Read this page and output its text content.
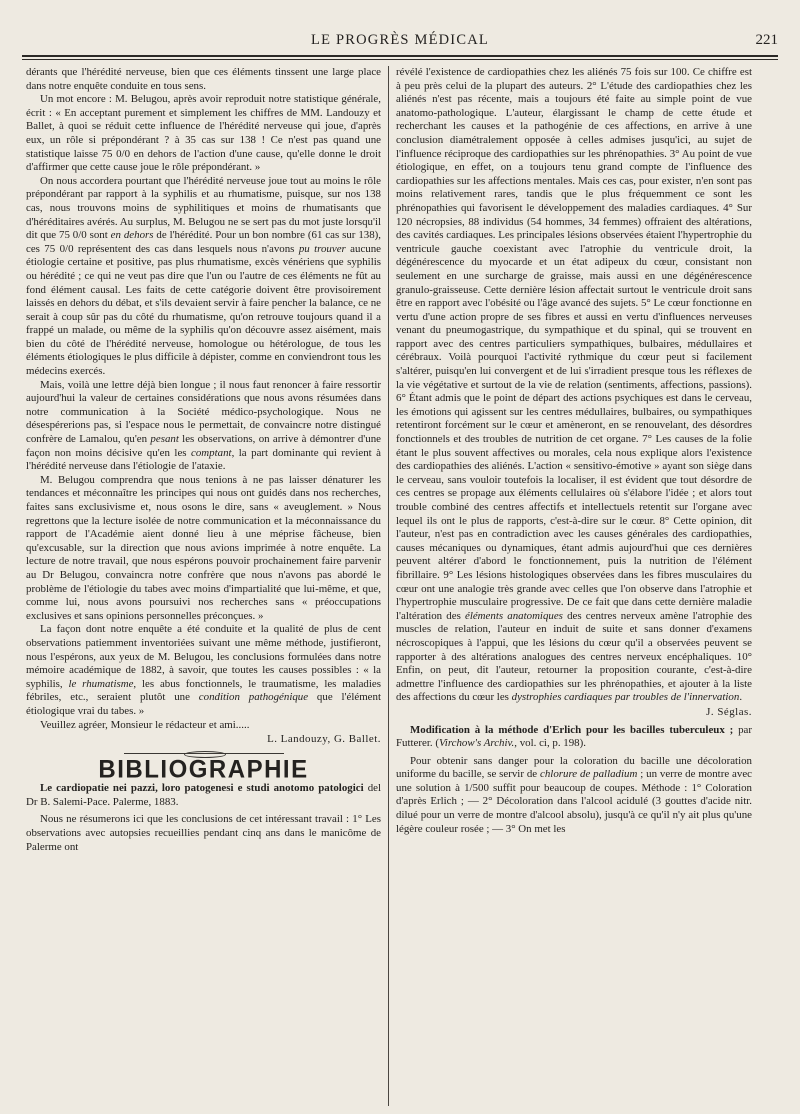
LE PROGRÈS MÉDICAL	221

dérants que l'hérédité nerveuse, bien que ces éléments tinssent une large place dans notre enquête conduite en tous sens.

Un mot encore : M. Belugou, après avoir reproduit notre statistique générale, écrit : « En acceptant purement et simplement les chiffres de MM. Landouzy et Ballet, à quoi se réduit cette influence de l'hérédité nerveuse qui joue, d'après eux, un rôle si prépondérant ? à 35 cas sur 138 ! Ce n'est pas quand une statistique laisse 75 0/0 en dehors de l'action d'une cause, qu'elle donne le droit d'affirmer que cette cause joue le rôle prépondérant. »

On nous accordera pourtant que l'hérédité nerveuse joue tout au moins le rôle prépondérant par rapport à la syphilis et au rhumatisme, puisque, sur nos 138 cas, nous trouvons moins de syphilitiques et moins de rhumatisants que d'héréditaires avérés. Au surplus, M. Belugou ne se sert pas du mot juste lorsqu'il dit que 75 0/0 sont en dehors de l'hérédité. Pour un bon nombre (61 cas sur 138), ces 75 0/0 représentent des cas dans lesquels nous n'avons pu trouver aucune étiologie certaine et positive, pas plus rhumatisme, excès vénériens que syphilis ou hérédité ; ce qui ne veut pas dire que l'un ou l'autre de ces éléments ne fût au fond élément causal. Les faits de cette catégorie doivent être provisoirement laissés en dehors du débat, et s'ils devaient servir à faire pencher la balance, ce ne serait à coup sûr pas du côté du rhumatisme, qu'on retrouve toujours quand il a frappé un malade, ou même de la syphilis qu'on découvre assez aisément, mais bien du côté de l'hérédité nerveuse, homologue ou hétérologue, de tous les éléments étiologiques le plus difficile à dépister, comme en conviendront tous les médecins exercés.

Mais, voilà une lettre déjà bien longue ; il nous faut renoncer à faire ressortir aujourd'hui la valeur de certaines considérations que nous avons résumées dans notre communication à la Société médico-psychologique. Nous ne désespérerions pas, si l'espace nous le permettait, de convaincre notre distingué confrère de Lamalou, qu'en pesant les observations, on arrive à démontrer d'une façon non moins décisive qu'en les comptant, la part dominante qui revient à l'hérédité nerveuse dans l'étiologie de l'ataxie.

M. Belugou comprendra que nous tenions à ne pas laisser dénaturer les tendances et méconnaître les principes qui nous ont guidés dans nos recherches, faites sans exclusivisme et, nous osons le dire, sans « aveuglement. » Nous regrettons que la lecture isolée de notre communication et la méconnaissance du rapport de l'Académie aient donné lieu à une méprise fâcheuse, bien qu'excusable, sur la direction que nous avions imprimée à notre enquête. La lecture de notre travail, que nous espérons pouvoir prochainement faire parvenir au Dr Belugou, convaincra notre confrère que nous n'avons pas abordé le problème de l'étiologie du tabes avec moins d'impartialité que lui-même, et que, comme lui, nous avons poursuivi nos recherches sans « préoccupations exclusives et sans opinions personnelles préconçues. »

La façon dont notre enquête a été conduite et la qualité de plus de cent observations patiemment inventoriées suivant une même méthode, justifieront, nous l'espérons, aux yeux de M. Belugou, les conclusions formulées dans notre mémoire académique de 1882, à savoir, que toutes les causes possibles : « la syphilis, le rhumatisme, les abus fonctionnels, le traumatisme, les maladies fébriles, etc., seraient plutôt une condition pathogénique que l'élément étiologique vrai du tabes. »

Veuillez agréer, Monsieur le rédacteur et ami.....

L. Landouzy, G. Ballet.
BIBLIOGRAPHIE

Le cardiopatie nei pazzi, loro patogenesi e studi anotomo patologici del Dr B. Salemi-Pace. Palerme, 1883.

Nous ne résumerons ici que les conclusions de cet intéressant travail : 1° Les observations avec autopsies recueillies pendant cinq ans dans le manicôme de Palerme ont

révélé l'existence de cardiopathies chez les aliénés 75 fois sur 100. Ce chiffre est à peu près celui de la plupart des auteurs. 2° L'étude des cardiopathies chez les aliénés n'est pas récente, mais a toujours été faite au simple point de vue anatomo-pathologique. L'auteur, élargissant le champ de cette étude et recherchant les causes et la pathogénie de ces affections, en arrive à une conclusion diamétralement opposée à celles admises jusqu'ici, au sujet de l'influence réciproque des cardiopathies sur les phrénopathies. 3° Au point de vue étiologique, en effet, on a toujours tenu grand compte de l'influence des cardiopathies sur les affections mentales. Mais ces cas, pour exister, n'en sont pas moins relativement rares, tandis que le plus fréquemment ce sont les phrénopathies qui favorisent le développement des maladies cardiaques. 4° Sur 120 nécropsies, 88 individus (54 hommes, 34 femmes) offraient des altérations, des cavités cardiaques. Les principales lésions observées étaient l'hypertrophie du ventricule gauche coexistant avec l'atrophie du ventricule droit, la dégénérescence du myocarde et un état adipeux du cœur, consistant non seulement en une surcharge de graisse, mais aussi en une dégénérescence granulo-graisseuse. Cette dernière lésion affectait surtout le ventricule droit sans être en rapport avec l'obésité ou l'âge avancé des sujets. 5° Le cœur fonctionne en vertu d'une action propre de ses fibres et aussi en vertu d'influences nerveuses venant du pneumogastrique, du sympathique et du spinal, qui se trouvent en rapport avec des centres particuliers sympathiques, bulbaires, médullaires et cérébraux. Voilà pourquoi l'activité rythmique du cœur peut si facilement s'altérer, puisqu'en lui convergent et de lui s'irradient presque tous les réflexes de la vie végétative et surtout de la vie de relation (sentiments, affections, passions). 6° Étant admis que le point de départ des actions psychiques est dans le cerveau, les émotions qui agissent sur les centres médullaires, bulbaires, ou sympathiques retentiront forcément sur le cœur et amèneront, en se renouvelant, des désordres fonctionnels et des troubles de nutrition de cet organe. 7° Les causes de la folie étant le plus souvent affectives ou morales, cela nous explique alors l'existence des cardiopathies des aliénés. L'action « sensitivo-émotive » ayant son siège dans le cerveau, sans vouloir toutefois la localiser, il est évident que tout désordre de ces centres se propage aux éléments cellulaires où s'élabore l'idée ; et alors tout trouble combiné des centres affectifs et intellectuels retentit sur l'organe avec lequel ils ont le plus de rapports, c'est-à-dire sur le cœur. 8° Cette opinion, dit l'auteur, n'est pas en contradiction avec les causes générales des cardiopathies, causes mécaniques ou dynamiques, étant admis aujourd'hui que ces dernières peuvent altérer d'abord le fonctionnement, puis la nutrition de l'élément fibrillaire. 9° Les lésions histologiques observées dans les fibres musculaires du cœur ont une analogie très grande avec celles que l'on observe dans l'atrophie et l'hypertrophie musculaire progressive. De ce fait que dans cette dernière maladie l'altération des éléments anatomiques des centres nerveux amène l'atrophie des muscles de relation, l'auteur en induit de suite et sans donner d'examens nécroscopiques à l'appui, que les lésions du cœur qu'il a observées peuvent se rapporter à des altérations analogues des centres nerveux encéphaliques. 10° Enfin, on peut, dit l'auteur, retourner la proposition courante, c'est-à-dire admettre l'influence des cardiopathies sur les phrénopathies, et ajouter à la liste des affections du cœur les dystrophies cardiaques par troubles de l'innervation.

J. Séglas.

Modification à la méthode d'Erlich pour les bacilles tuberculeux ; par Futterer. (Virchow's Archiv., vol. ci, p. 198).

Pour obtenir sans danger pour la coloration du bacille une décoloration uniforme du bacille, se servir de chlorure de palladium ; un verre de montre avec une solution à 1/500 suffit pour beaucoup de coupes. Méthode : 1° Coloration d'après Erlich ; — 2° Décoloration dans l'alcool acidulé (3 gouttes d'acide nitr. dilué pour un verre de montre d'alcool absolu), jusqu'à ce qu'il n'y ait plus qu'une légère couleur rosée ; — 3° On met les
